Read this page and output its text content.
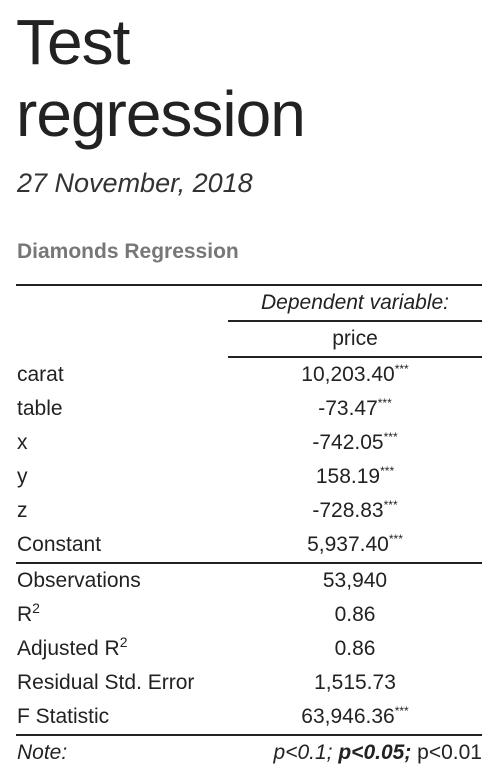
Test
regression

27 November, 2018

Diamonds Regression
	Dependent variable:
	price
carat	10,203.40***
table	-73.47***
x	-742.05***
y	158.19***
z	-728.83***
Constant	5,937.40***
Observations	53,940
$R^2$	0.86
Adjusted $R^2$	0.86
Residual Std. Error	1,515.73
F Statistic	63,946.36***
Note:	p<0.1; p<0.05; p<0.01
